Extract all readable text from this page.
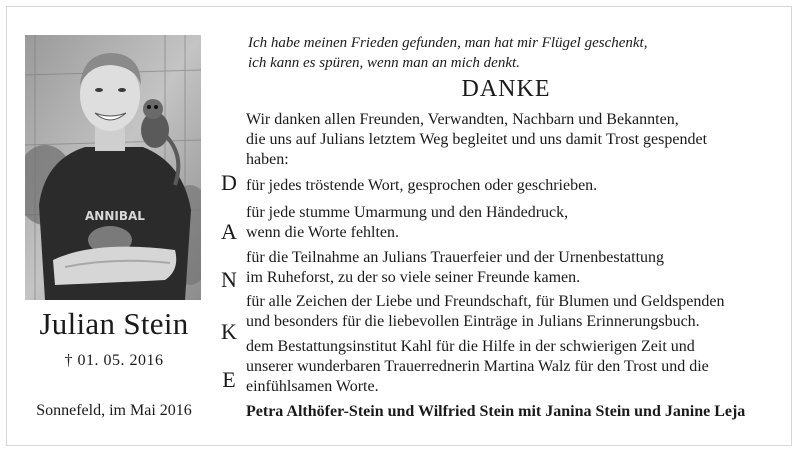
ANNIBAL
Julian Stein
† 01. 05. 2016
Sonnefeld, im Mai 2016
Ich habe meinen Frieden gefunden, man hat mir Flügel geschenkt,
ich kann es spüren, wenn man an mich denkt.
DANKE
Wir danken allen Freunden, Verwandten, Nachbarn und Bekannten,
die uns auf Julians letztem Weg begleitet und uns damit Trost gespendet
haben:
D
A
N
K
E
für jedes tröstende Wort, gesprochen oder geschrieben.
für jede stumme Umarmung und den Händedruck,
wenn die Worte fehlten.
für die Teilnahme an Julians Trauerfeier und der Urnenbestattung
im Ruheforst, zu der so viele seiner Freunde kamen.
für alle Zeichen der Liebe und Freundschaft, für Blumen und Geldspenden
und besonders für die liebevollen Einträge in Julians Erinnerungsbuch.
dem Bestattungsinstitut Kahl für die Hilfe in der schwierigen Zeit und
unserer wunderbaren Trauerrednerin Martina Walz für den Trost und die
einfühlsamen Worte.
Petra Althöfer-Stein und Wilfried Stein mit Janina Stein und Janine Leja
